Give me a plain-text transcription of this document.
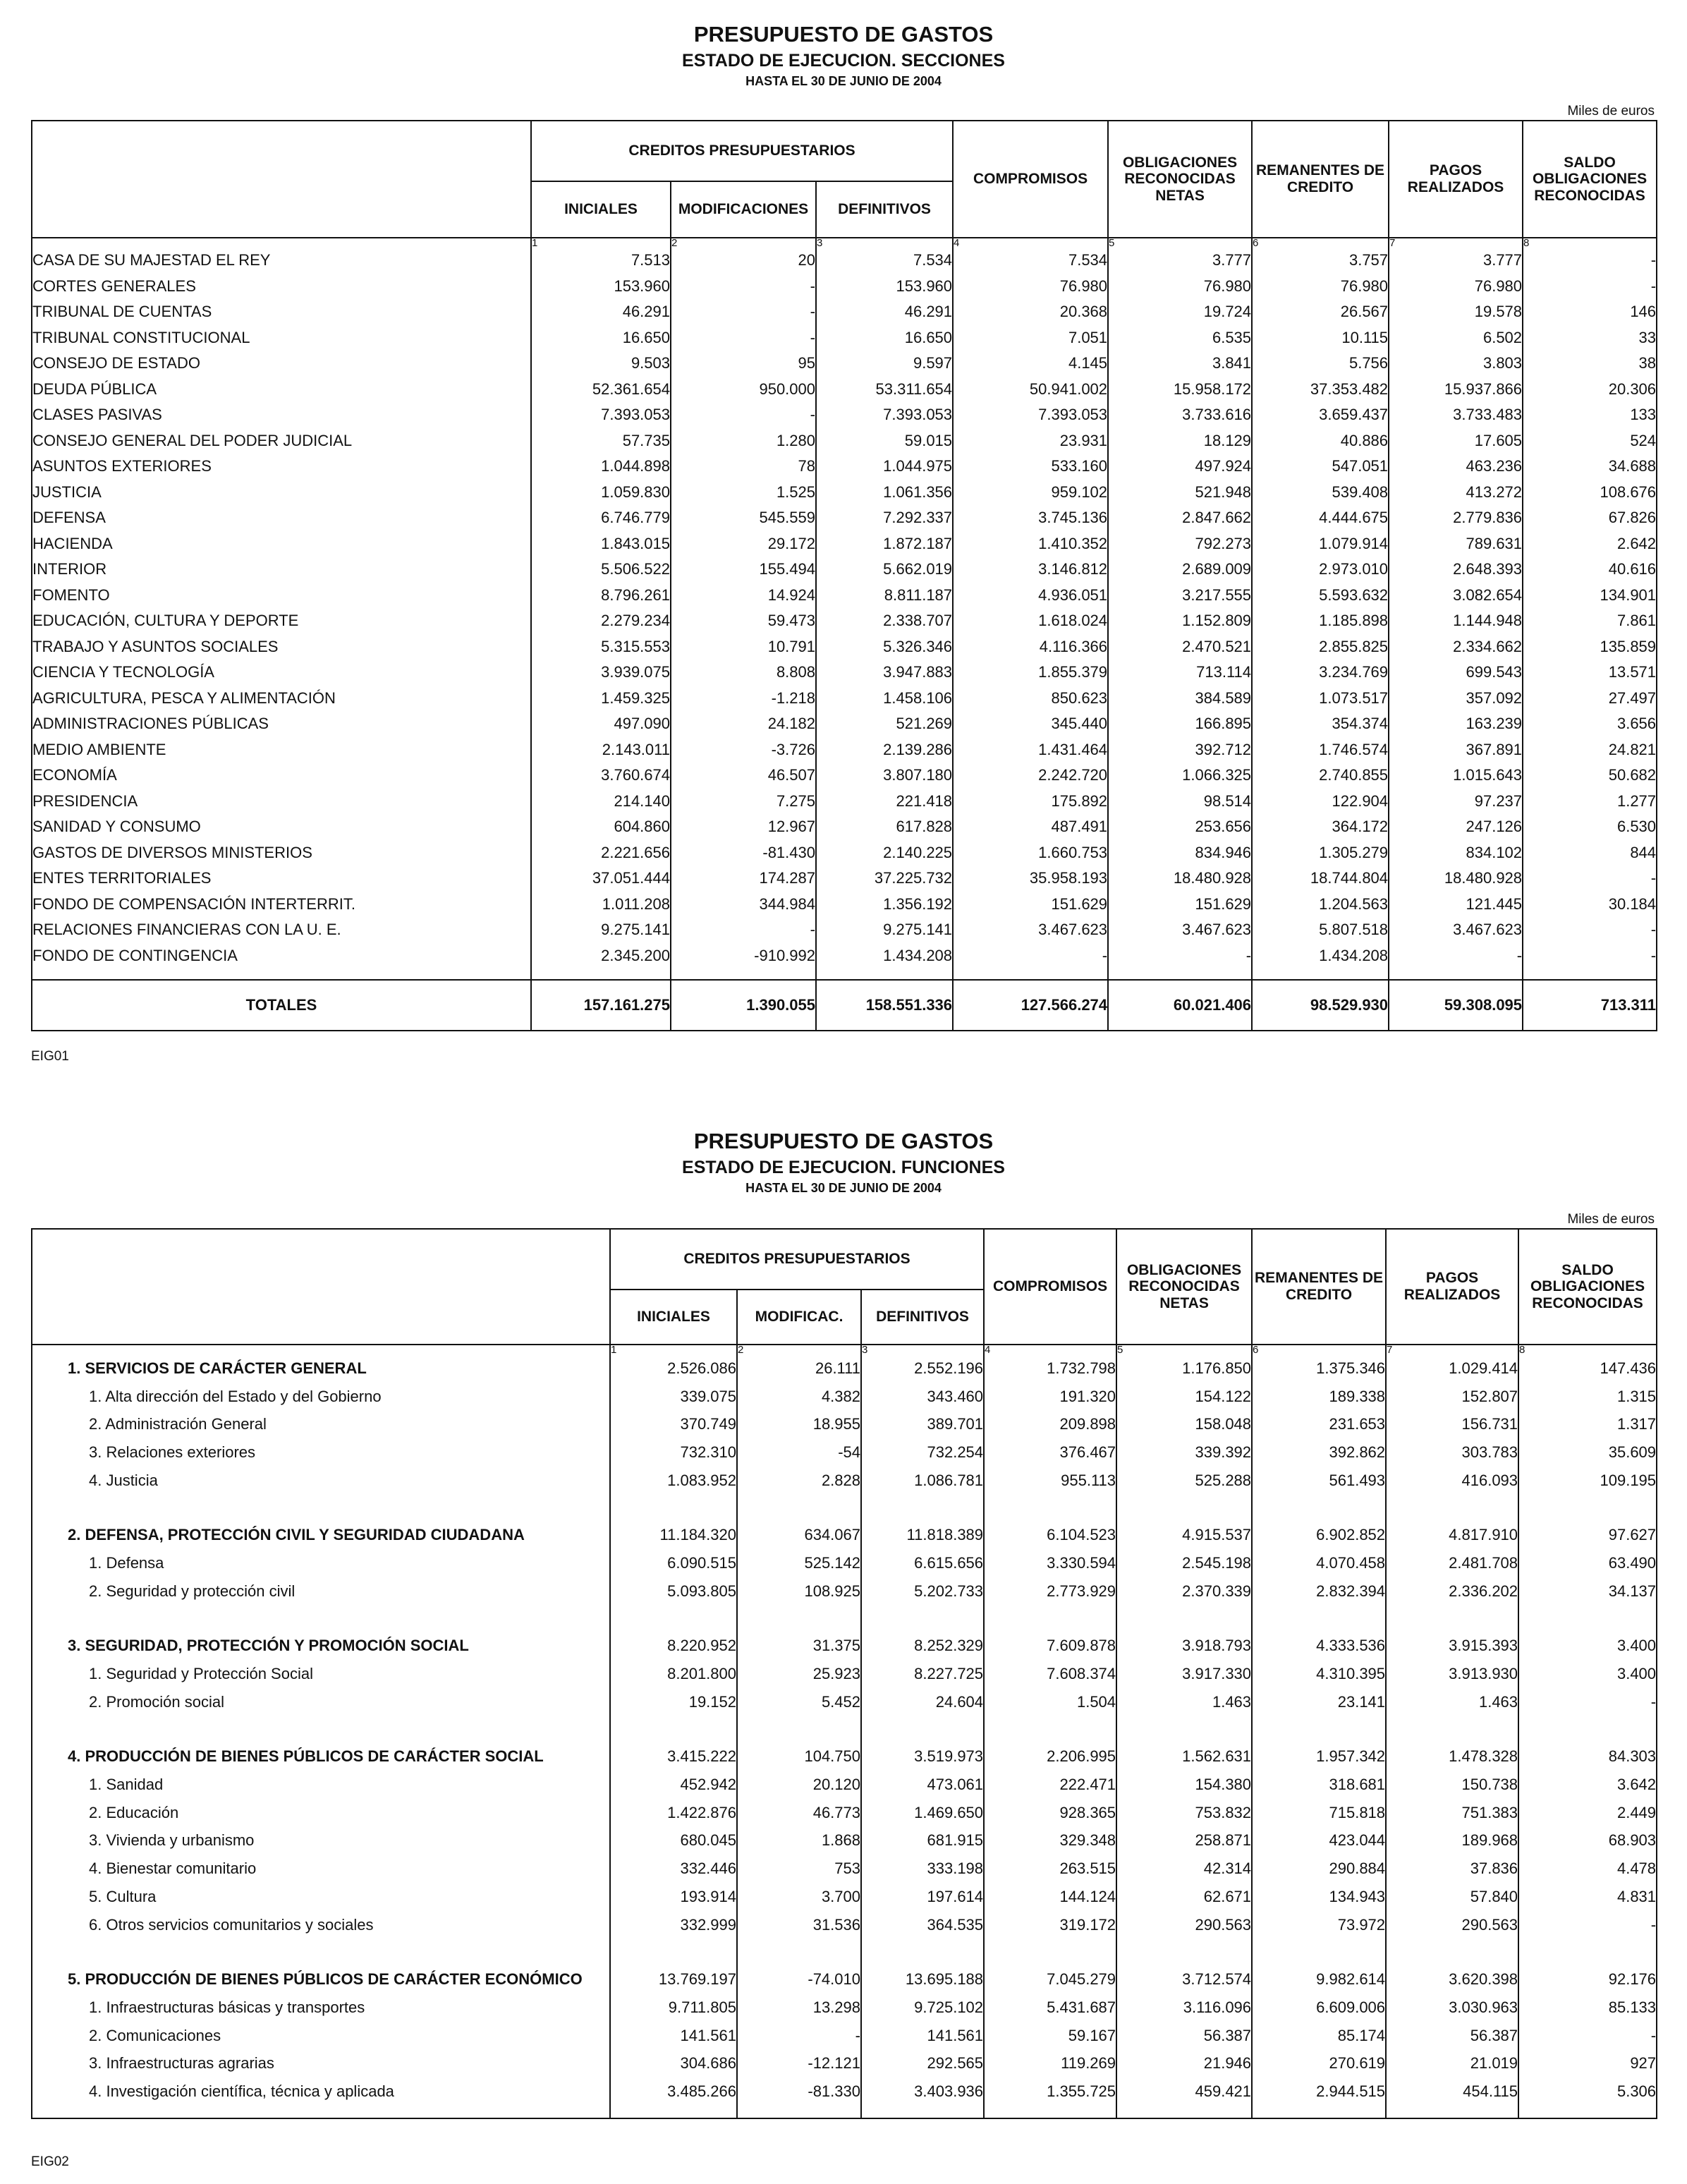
PRESUPUESTO DE GASTOS
ESTADO DE EJECUCION. SECCIONES
HASTA EL 30 DE JUNIO DE 2004
Miles de euros
	CREDITOS PRESUPUESTARIOS			COMPROMISOS	OBLIGACIONES RECONOCIDAS NETAS	REMANENTES DE CREDITO	PAGOS REALIZADOS	SALDO OBLIGACIONES RECONOCIDAS
	INICIALES	MODIFICACIONES	DEFINITIVOS					
	1	2	3	4	5	6	7	8
CASA DE SU MAJESTAD EL REY	7.513	20	7.534	7.534	3.777	3.757	3.777	-
CORTES GENERALES	153.960	-	153.960	76.980	76.980	76.980	76.980	-
TRIBUNAL DE CUENTAS	46.291	-	46.291	20.368	19.724	26.567	19.578	146
TRIBUNAL CONSTITUCIONAL	16.650	-	16.650	7.051	6.535	10.115	6.502	33
CONSEJO DE ESTADO	9.503	95	9.597	4.145	3.841	5.756	3.803	38
DEUDA PÚBLICA	52.361.654	950.000	53.311.654	50.941.002	15.958.172	37.353.482	15.937.866	20.306
CLASES PASIVAS	7.393.053	-	7.393.053	7.393.053	3.733.616	3.659.437	3.733.483	133
CONSEJO GENERAL DEL PODER JUDICIAL	57.735	1.280	59.015	23.931	18.129	40.886	17.605	524
ASUNTOS EXTERIORES	1.044.898	78	1.044.975	533.160	497.924	547.051	463.236	34.688
JUSTICIA	1.059.830	1.525	1.061.356	959.102	521.948	539.408	413.272	108.676
DEFENSA	6.746.779	545.559	7.292.337	3.745.136	2.847.662	4.444.675	2.779.836	67.826
HACIENDA	1.843.015	29.172	1.872.187	1.410.352	792.273	1.079.914	789.631	2.642
INTERIOR	5.506.522	155.494	5.662.019	3.146.812	2.689.009	2.973.010	2.648.393	40.616
FOMENTO	8.796.261	14.924	8.811.187	4.936.051	3.217.555	5.593.632	3.082.654	134.901
EDUCACIÓN, CULTURA Y DEPORTE	2.279.234	59.473	2.338.707	1.618.024	1.152.809	1.185.898	1.144.948	7.861
TRABAJO Y ASUNTOS SOCIALES	5.315.553	10.791	5.326.346	4.116.366	2.470.521	2.855.825	2.334.662	135.859
CIENCIA Y TECNOLOGÍA	3.939.075	8.808	3.947.883	1.855.379	713.114	3.234.769	699.543	13.571
AGRICULTURA, PESCA Y ALIMENTACIÓN	1.459.325	-1.218	1.458.106	850.623	384.589	1.073.517	357.092	27.497
ADMINISTRACIONES PÚBLICAS	497.090	24.182	521.269	345.440	166.895	354.374	163.239	3.656
MEDIO AMBIENTE	2.143.011	-3.726	2.139.286	1.431.464	392.712	1.746.574	367.891	24.821
ECONOMÍA	3.760.674	46.507	3.807.180	2.242.720	1.066.325	2.740.855	1.015.643	50.682
PRESIDENCIA	214.140	7.275	221.418	175.892	98.514	122.904	97.237	1.277
SANIDAD Y CONSUMO	604.860	12.967	617.828	487.491	253.656	364.172	247.126	6.530
GASTOS DE DIVERSOS MINISTERIOS	2.221.656	-81.430	2.140.225	1.660.753	834.946	1.305.279	834.102	844
ENTES TERRITORIALES	37.051.444	174.287	37.225.732	35.958.193	18.480.928	18.744.804	18.480.928	-
FONDO DE COMPENSACIÓN INTERTERRIT.	1.011.208	344.984	1.356.192	151.629	151.629	1.204.563	121.445	30.184
RELACIONES FINANCIERAS CON LA U. E.	9.275.141	-	9.275.141	3.467.623	3.467.623	5.807.518	3.467.623	-
FONDO DE CONTINGENCIA	2.345.200	-910.992	1.434.208	-	-	1.434.208	-	-

TOTALES	157.161.275	1.390.055	158.551.336	127.566.274	60.021.406	98.529.930	59.308.095	713.311
EIG01
PRESUPUESTO DE GASTOS
ESTADO DE EJECUCION. FUNCIONES
HASTA EL 30 DE JUNIO DE 2004
Miles de euros
	CREDITOS PRESUPUESTARIOS			COMPROMISOS	OBLIGACIONES RECONOCIDAS NETAS	REMANENTES DE CREDITO	PAGOS REALIZADOS	SALDO OBLIGACIONES RECONOCIDAS
	INICIALES	MODIFICAC.	DEFINITIVOS					
	1	2	3	4	5	6	7	8
1. SERVICIOS DE CARÁCTER GENERAL	2.526.086	26.111	2.552.196	1.732.798	1.176.850	1.375.346	1.029.414	147.436
1. Alta dirección del Estado y del Gobierno	339.075	4.382	343.460	191.320	154.122	189.338	152.807	1.315
2. Administración General	370.749	18.955	389.701	209.898	158.048	231.653	156.731	1.317
3. Relaciones exteriores	732.310	-54	732.254	376.467	339.392	392.862	303.783	35.609
4. Justicia	1.083.952	2.828	1.086.781	955.113	525.288	561.493	416.093	109.195

2. DEFENSA, PROTECCIÓN CIVIL Y SEGURIDAD CIUDADANA	11.184.320	634.067	11.818.389	6.104.523	4.915.537	6.902.852	4.817.910	97.627
1. Defensa	6.090.515	525.142	6.615.656	3.330.594	2.545.198	4.070.458	2.481.708	63.490
2. Seguridad y protección civil	5.093.805	108.925	5.202.733	2.773.929	2.370.339	2.832.394	2.336.202	34.137

3. SEGURIDAD, PROTECCIÓN Y PROMOCIÓN SOCIAL	8.220.952	31.375	8.252.329	7.609.878	3.918.793	4.333.536	3.915.393	3.400
1. Seguridad y Protección Social	8.201.800	25.923	8.227.725	7.608.374	3.917.330	4.310.395	3.913.930	3.400
2. Promoción social	19.152	5.452	24.604	1.504	1.463	23.141	1.463	-

4. PRODUCCIÓN DE BIENES PÚBLICOS DE CARÁCTER SOCIAL	3.415.222	104.750	3.519.973	2.206.995	1.562.631	1.957.342	1.478.328	84.303
1. Sanidad	452.942	20.120	473.061	222.471	154.380	318.681	150.738	3.642
2. Educación	1.422.876	46.773	1.469.650	928.365	753.832	715.818	751.383	2.449
3. Vivienda y urbanismo	680.045	1.868	681.915	329.348	258.871	423.044	189.968	68.903
4. Bienestar comunitario	332.446	753	333.198	263.515	42.314	290.884	37.836	4.478
5. Cultura	193.914	3.700	197.614	144.124	62.671	134.943	57.840	4.831
6. Otros servicios comunitarios y sociales	332.999	31.536	364.535	319.172	290.563	73.972	290.563	-

5. PRODUCCIÓN DE BIENES PÚBLICOS DE CARÁCTER ECONÓMICO	13.769.197	-74.010	13.695.188	7.045.279	3.712.574	9.982.614	3.620.398	92.176
1. Infraestructuras básicas y transportes	9.711.805	13.298	9.725.102	5.431.687	3.116.096	6.609.006	3.030.963	85.133
2. Comunicaciones	141.561	-	141.561	59.167	56.387	85.174	56.387	-
3. Infraestructuras agrarias	304.686	-12.121	292.565	119.269	21.946	270.619	21.019	927
4. Investigación científica, técnica y aplicada	3.485.266	-81.330	3.403.936	1.355.725	459.421	2.944.515	454.115	5.306

EIG02
